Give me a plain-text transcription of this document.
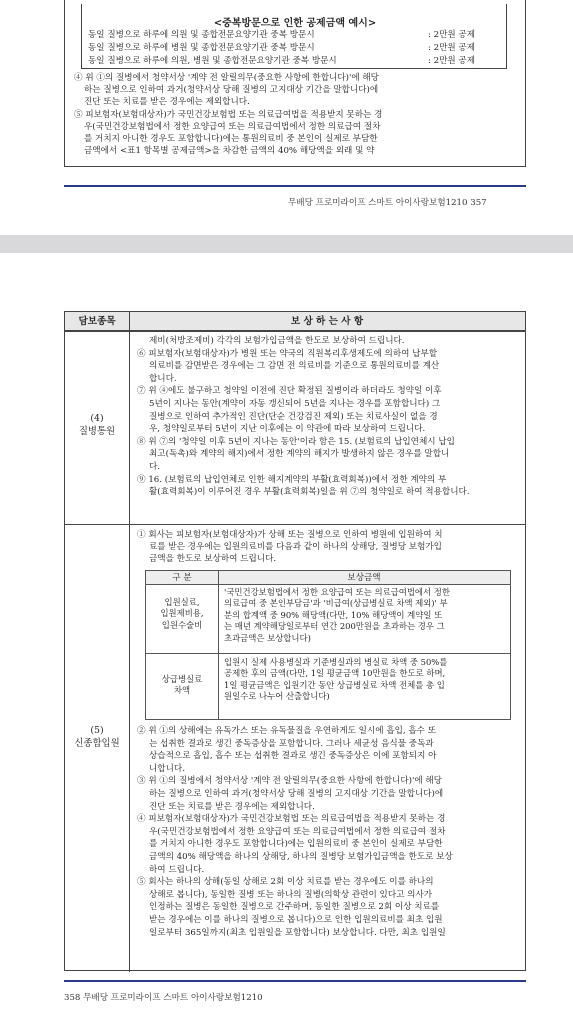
<중복방문으로 인한 공제금액 예시>
동일 질병으로 하루에 의원 및 종합전문요양기관 중복 방문시	: 2만원 공제
동일 질병으로 하루에 병원 및 종합전문요양기관 중복 방문시	: 2만원 공제
동일 질병으로 하루에 의원, 병원 및 종합전문요양기관 중복 방문시	: 2만원 공제
④ 위 ①의 질병에서 청약서상 '계약 전 알릴의무(중요한 사항에 한합니다)'에 해당
하는 질병으로 인하여 과거(청약서상 당해 질병의 고지대상 기간을 말합니다)에
진단 또는 치료를 받은 경우에는 제외합니다.
⑤ 피보험자(보험대상자)가 국민건강보험법 또는 의료급여법을 적용받지 못하는 경
우(국민건강보험법에서 정한 요양급여 또는 의료급여법에서 정한 의료급여 절차
를 거치지 아니한 경우도 포함합니다)에는 통원의료비 중 본인이 실제로 부담한
금액에서 <표1 항목별 공제금액>을 차감한 금액의 40% 해당액을 외래 및 약
무배당 프로미라이프 스마트 아이사랑보험1210 357
담보종목	보 상 하 는 사 항
(4)
질병통원
제비(처방조제비) 각각의 보험가입금액을 한도로 보상하여 드립니다.
⑥ 피보험자(보험대상자)가 병원 또는 약국의 직원복리후생제도에 의하여 납부할
의료비를 감면받은 경우에는 그 감면 전 의료비를 기준으로 통원의료비를 계산
합니다.
⑦ 위 ④에도 불구하고 청약일 이전에 진단 확정된 질병이라 하더라도 청약일 이후
5년이 지나는 동안(계약이 자동 갱신되어 5년을 지나는 경우를 포함합니다) 그
질병으로 인하여 추가적인 진단(단순 건강검진 제외) 또는 치료사실이 없을 경
우, 청약일로부터 5년이 지난 이후에는 이 약관에 따라 보상하여 드립니다.
⑧ 위 ⑦의 '청약일 이후 5년이 지나는 동안'이라 함은 15. (보험료의 납입연체시 납입
최고(독촉)와 계약의 해지)에서 정한 계약의 해지가 발생하지 않은 경우를 말합니
다.
⑨ 16. (보험료의 납입연체로 인한 해지계약의 부활(효력회복))에서 정한 계약의 부
활(효력회복)이 이루어진 경우 부활(효력회복)일을 위 ⑦의 청약일로 하여 적용합니다.
(5)
신종합입원
① 회사는 피보험자(보험대상자)가 상해 또는 질병으로 인하여 병원에 입원하여 치
료를 받은 경우에는 입원의료비를 다음과 같이 하나의 상해당, 질병당 보험가입
금액을 한도로 보상하여 드립니다.
구 분	보상금액
입원실료,
입원제비용,
입원수술비
'국민건강보험법에서 정한 요양급여 또는 의료급여법에서 정한
의료급여 중 본인부담금'과 '비급여(상급병실료 차액 제외)' 부
분의 합계액 중 90% 해당액(다만, 10% 해당액이 계약일 또
는 매년 계약해당일로부터 연간 200만원을 초과하는 경우 그
초과금액은 보상합니다)
상급병실료
차액
입원시 실제 사용병실과 기준병실과의 병실료 차액 중 50%를
공제한 후의 금액(다만, 1일 평균금액 10만원을 한도로 하며,
1일 평균금액은 입원기간 동안 상급병실료 차액 전체를 총 입
원일수로 나누어 산출합니다)
② 위 ①의 상해에는 유독가스 또는 유독물질을 우연하게도 일시에 흡입, 흡수 또
는 섭취한 결과로 생긴 중독증상을 포함합니다. 그러나 세균성 음식물 중독과
상습적으로 흡입, 흡수 또는 섭취한 결과로 생긴 중독증상은 이에 포함되지 아
니합니다.
③ 위 ①의 질병에서 청약서상 '계약 전 알릴의무(중요한 사항에 한합니다)'에 해당
하는 질병으로 인하여 과거(청약서상 당해 질병의 고지대상 기간을 말합니다)에
진단 또는 치료를 받은 경우에는 제외합니다.
④ 피보험자(보험대상자)가 국민건강보험법 또는 의료급여법을 적용받지 못하는 경
우(국민건강보험법에서 정한 요양급여 또는 의료급여법에서 정한 의료급여 절차
를 거치지 아니한 경우도 포함합니다)에는 입원의료비 중 본인이 실제로 부담한
금액의 40% 해당액을 하나의 상해당, 하나의 질병당 보험가입금액을 한도로 보상
하여 드립니다.
⑤ 회사는 하나의 상해(동일 상해로 2회 이상 치료를 받는 경우에도 이를 하나의
상해로 봅니다), 동일한 질병 또는 하나의 질병(의학상 관련이 있다고 의사가
인정하는 질병은 동일한 질병으로 간주하며, 동일한 질병으로 2회 이상 치료를
받는 경우에는 이를 하나의 질병으로 봅니다)으로 인한 입원의료비를 최초 입원
일로부터 365일까지(최초 입원일을 포함합니다) 보상합니다. 다만, 최초 입원일
358 무배당 프로미라이프 스마트 아이사랑보험1210
